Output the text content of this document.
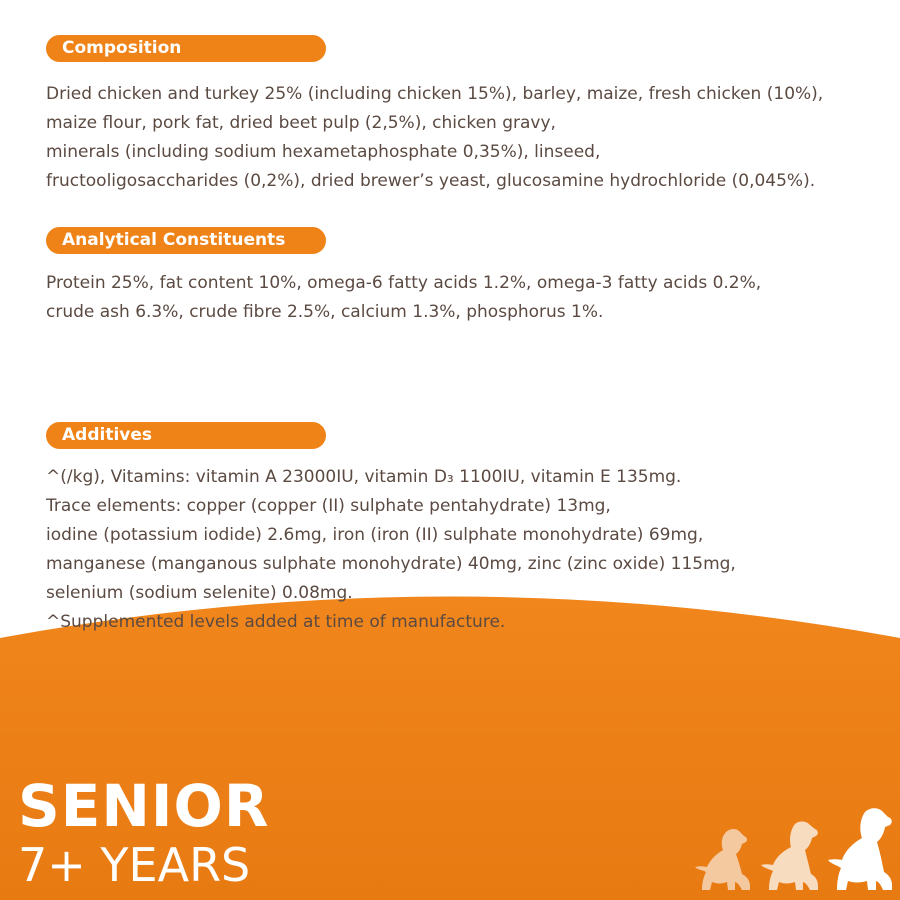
Composition
Dried chicken and turkey 25% (including chicken 15%), barley, maize, fresh chicken (10%),
maize flour, pork fat, dried beet pulp (2,5%), chicken gravy,
minerals (including sodium hexametaphosphate 0,35%), linseed,
fructooligosaccharides (0,2%), dried brewer’s yeast, glucosamine hydrochloride (0,045%).
Analytical Constituents
Protein 25%, fat content 10%, omega-6 fatty acids 1.2%, omega-3 fatty acids 0.2%,
crude ash 6.3%, crude fibre 2.5%, calcium 1.3%, phosphorus 1%.
Additives
^(/kg), Vitamins: vitamin A 23000IU, vitamin D₃ 1100IU, vitamin E 135mg.
Trace elements: copper (copper (II) sulphate pentahydrate) 13mg,
iodine (potassium iodide) 2.6mg, iron (iron (II) sulphate monohydrate) 69mg,
manganese (manganous sulphate monohydrate) 40mg, zinc (zinc oxide) 115mg,
selenium (sodium selenite) 0.08mg.
^Supplemented levels added at time of manufacture.
SENIOR
7+ YEARS
